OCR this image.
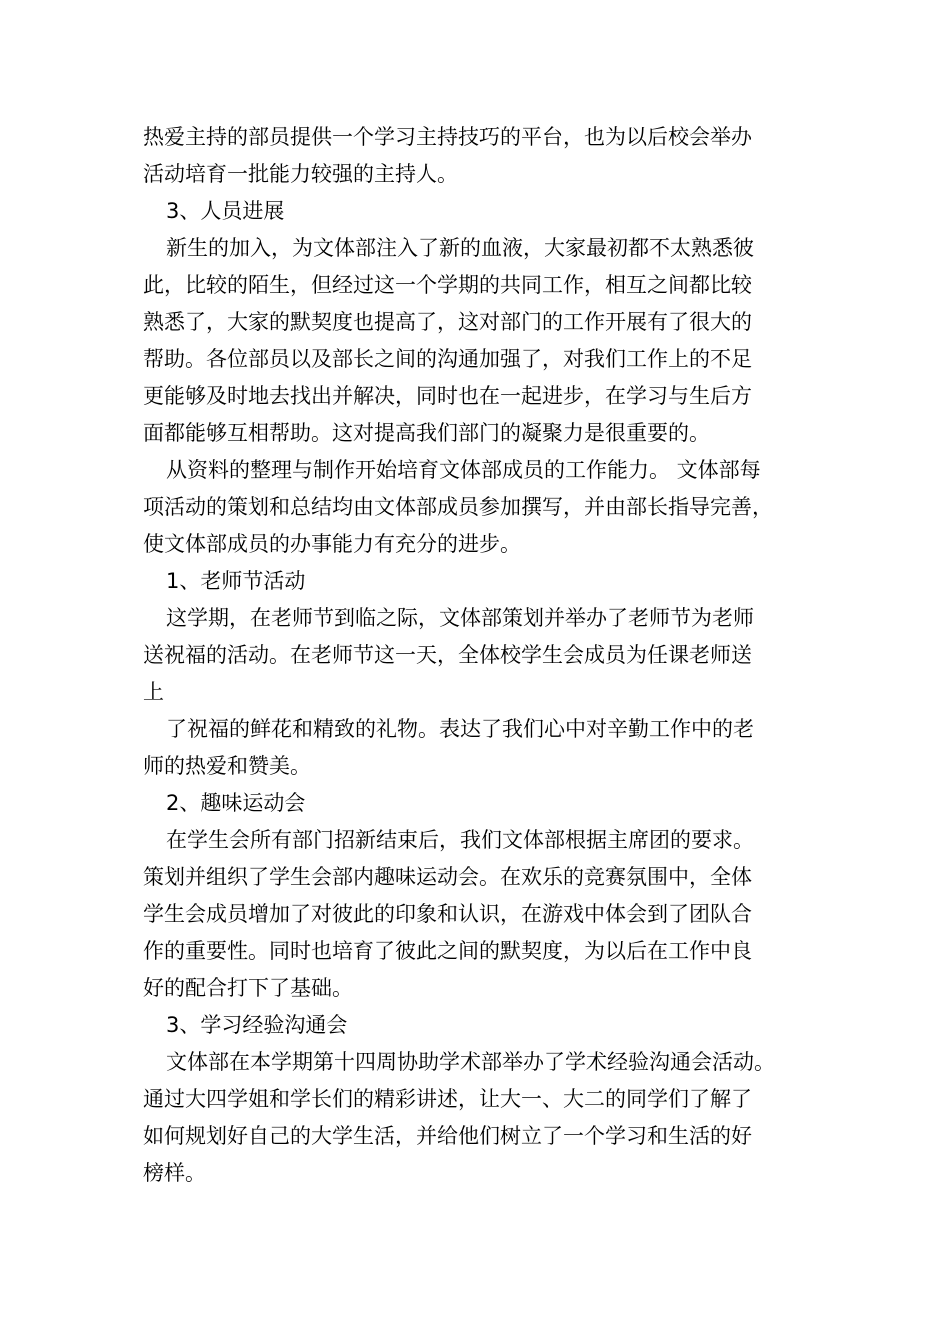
热爱主持的部员提供一个学习主持技巧的平台，也为以后校会举办
活动培育一批能力较强的主持人。
3、人员进展
新生的加入，为文体部注入了新的血液，大家最初都不太熟悉彼
此，比较的陌生，但经过这一个学期的共同工作，相互之间都比较
熟悉了，大家的默契度也提高了，这对部门的工作开展有了很大的
帮助。各位部员以及部长之间的沟通加强了，对我们工作上的不足
更能够及时地去找出并解决，同时也在一起进步，在学习与生后方
面都能够互相帮助。这对提高我们部门的凝聚力是很重要的。
从资料的整理与制作开始培育文体部成员的工作能力。 文体部每
项活动的策划和总结均由文体部成员参加撰写，并由部长指导完善，
使文体部成员的办事能力有充分的进步。
1、老师节活动
这学期，在老师节到临之际，文体部策划并举办了老师节为老师
送祝福的活动。在老师节这一天，全体校学生会成员为任课老师送
上
了祝福的鲜花和精致的礼物。表达了我们心中对辛勤工作中的老
师的热爱和赞美。
2、趣味运动会
在学生会所有部门招新结束后，我们文体部根据主席团的要求。
策划并组织了学生会部内趣味运动会。在欢乐的竞赛氛围中，全体
学生会成员增加了对彼此的印象和认识，在游戏中体会到了团队合
作的重要性。同时也培育了彼此之间的默契度，为以后在工作中良
好的配合打下了基础。
3、学习经验沟通会
文体部在本学期第十四周协助学术部举办了学术经验沟通会活动。
通过大四学姐和学长们的精彩讲述，让大一、大二的同学们了解了
如何规划好自己的大学生活，并给他们树立了一个学习和生活的好
榜样。
